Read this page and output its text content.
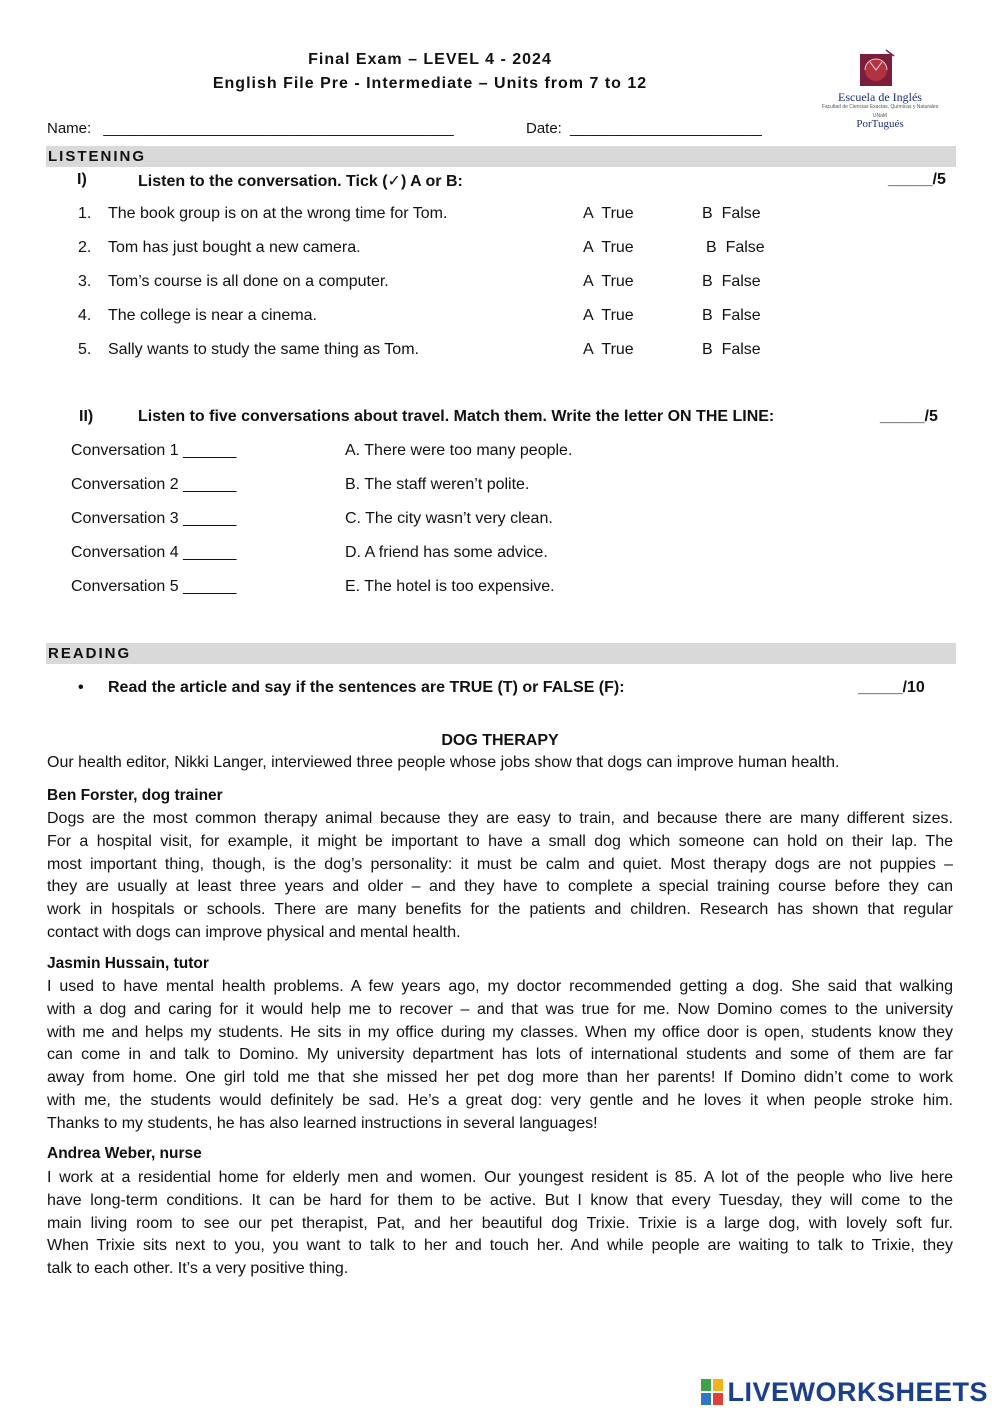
Final Exam – LEVEL 4 - 2024
English File Pre - Intermediate – Units from 7 to 12
Escuela de Inglés
Facultad de Ciencias Exactas, Químicas y Naturales
UNaM
PorTugués
Name: __________________________________________	Date: _______________________
LISTENING
I)	Listen to the conversation. Tick (✓) A or B:	_____/5
1. The book group is on at the wrong time for Tom.	A  True	B  False
2. Tom has just bought a new camera.	A  True	B  False
3. Tom’s course is all done on a computer.	A  True	B  False
4. The college is near a cinema.	A  True	B  False
5. Sally wants to study the same thing as Tom.	A  True	B  False
II)	Listen to five conversations about travel. Match them. Write the letter ON THE LINE:	_____/5
Conversation 1 ______	A. There were too many people.
Conversation 2 ______	B. The staff weren’t polite.
Conversation 3 ______	C. The city wasn’t very clean.
Conversation 4 ______	D. A friend has some advice.
Conversation 5 ______	E. The hotel is too expensive.
READING
• Read the article and say if the sentences are TRUE (T) or FALSE (F):	_____/10
DOG THERAPY
Our health editor, Nikki Langer, interviewed three people whose jobs show that dogs can improve human health.
Ben Forster, dog trainer
Dogs are the most common therapy animal because they are easy to train, and because there are many different sizes.
For a hospital visit, for example, it might be important to have a small dog which someone can hold on their lap. The
most important thing, though, is the dog’s personality: it must be calm and quiet. Most therapy dogs are not puppies –
they are usually at least three years and older – and they have to complete a special training course before they can
work in hospitals or schools. There are many benefits for the patients and children. Research has shown that regular
contact with dogs can improve physical and mental health.
Jasmin Hussain, tutor
I used to have mental health problems. A few years ago, my doctor recommended getting a dog. She said that walking
with a dog and caring for it would help me to recover – and that was true for me. Now Domino comes to the university
with me and helps my students. He sits in my office during my classes. When my office door is open, students know they
can come in and talk to Domino. My university department has lots of international students and some of them are far
away from home. One girl told me that she missed her pet dog more than her parents! If Domino didn’t come to work
with me, the students would definitely be sad. He’s a great dog: very gentle and he loves it when people stroke him.
Thanks to my students, he has also learned instructions in several languages!
Andrea Weber, nurse
I work at a residential home for elderly men and women. Our youngest resident is 85. A lot of the people who live here
have long-term conditions. It can be hard for them to be active. But I know that every Tuesday, they will come to the
main living room to see our pet therapist, Pat, and her beautiful dog Trixie. Trixie is a large dog, with lovely soft fur.
When Trixie sits next to you, you want to talk to her and touch her. And while people are waiting to talk to Trixie, they
talk to each other. It’s a very positive thing.
LIVEWORKSHEETS
